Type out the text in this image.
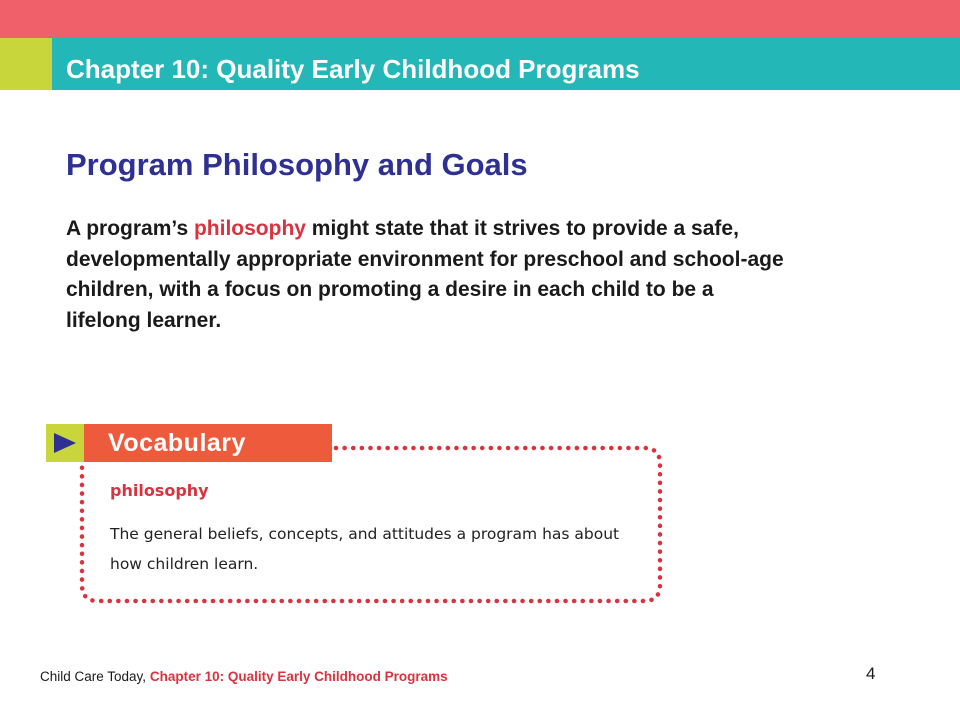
Chapter 10: Quality Early Childhood Programs
Program Philosophy and Goals

A program’s philosophy might state that it strives to provide a safe, developmentally appropriate environment for preschool and school-age children, with a focus on promoting a desire in each child to be a lifelong learner.

Vocabulary

philosophy

The general beliefs, concepts, and attitudes a program has about how children learn.

Child Care Today, Chapter 10: Quality Early Childhood Programs	4
